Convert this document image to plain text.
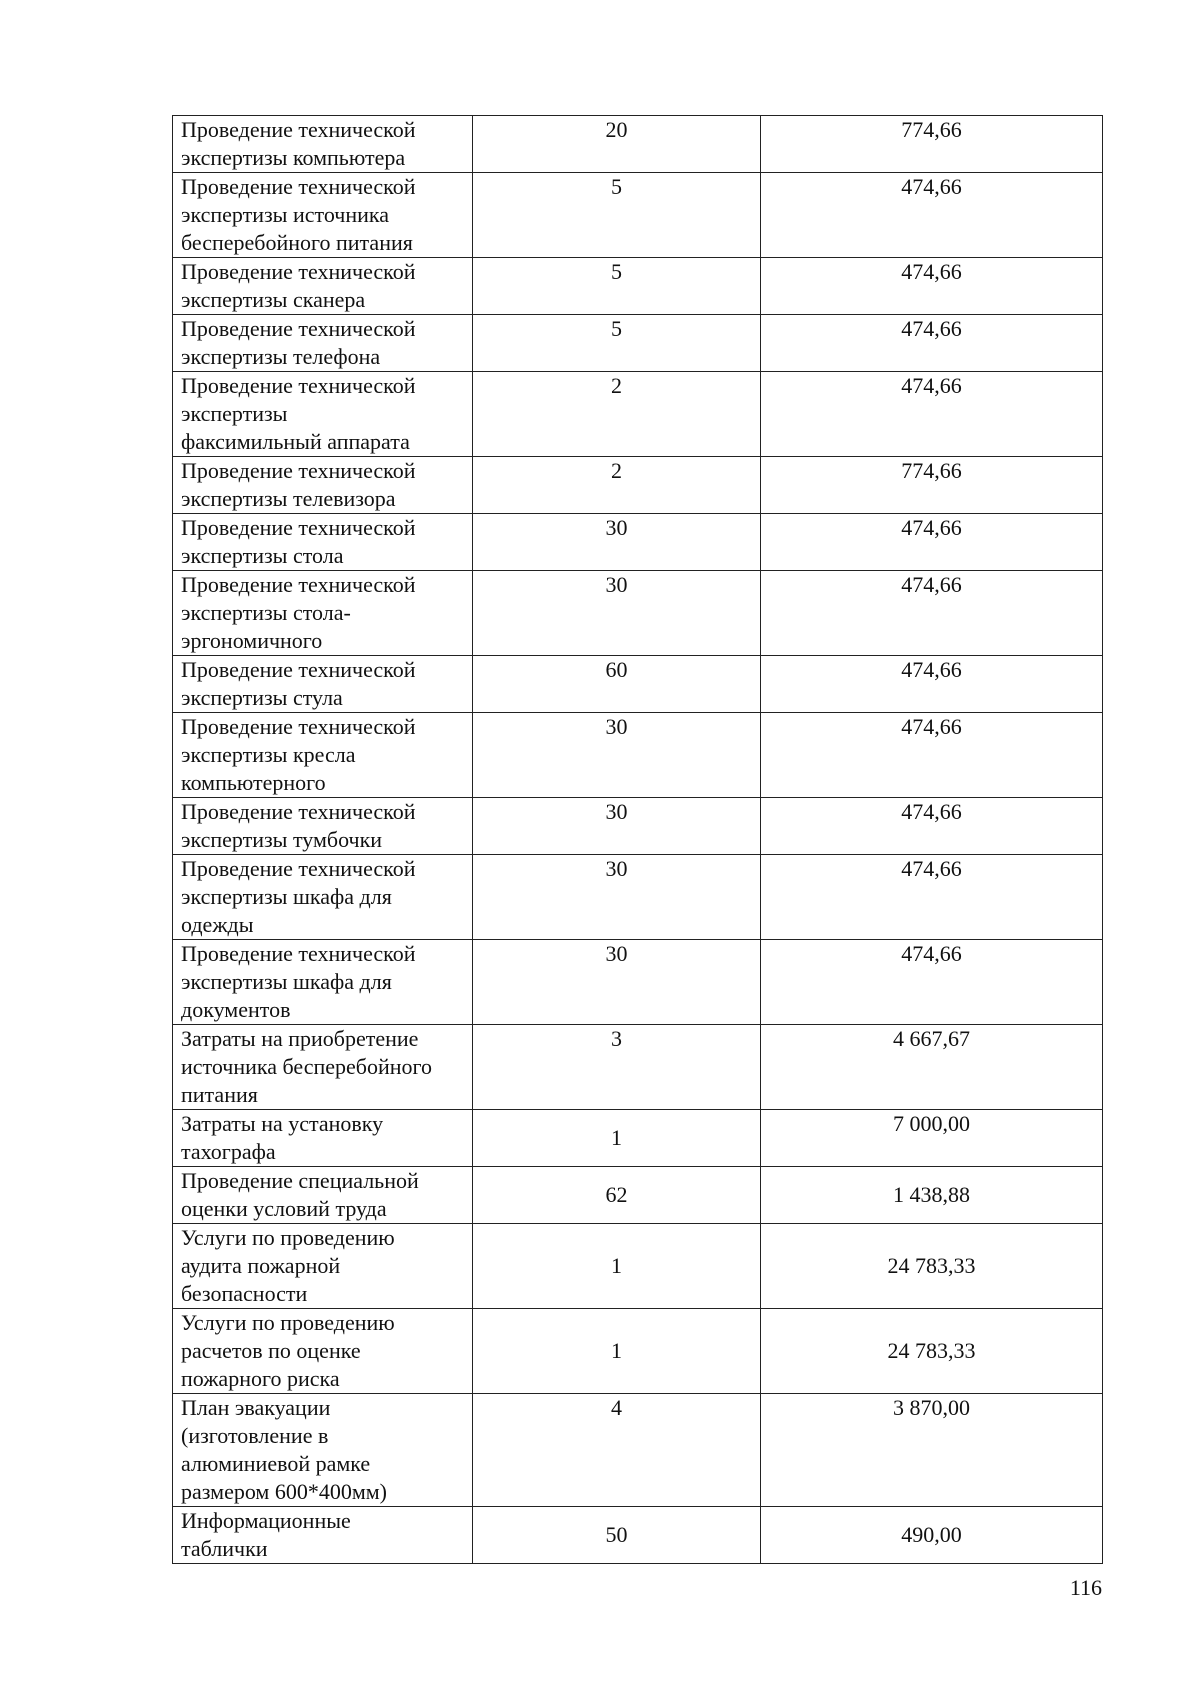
Проведение технической
экспертизы компьютера	20	774,66
Проведение технической
экспертизы источника
бесперебойного питания	5	474,66
Проведение технической
экспертизы сканера	5	474,66
Проведение технической
экспертизы телефона	5	474,66
Проведение технической
экспертизы
факсимильный аппарата	2	474,66
Проведение технической
экспертизы телевизора	2	774,66
Проведение технической
экспертизы стола	30	474,66
Проведение технической
экспертизы стола-
эргономичного	30	474,66
Проведение технической
экспертизы стула	60	474,66
Проведение технической
экспертизы кресла
компьютерного	30	474,66
Проведение технической
экспертизы тумбочки	30	474,66
Проведение технической
экспертизы шкафа для
одежды	30	474,66
Проведение технической
экспертизы шкафа для
документов	30	474,66
Затраты на приобретение
источника бесперебойного
питания	3	4 667,67
Затраты на установку
тахографа	1	7 000,00
Проведение специальной
оценки условий труда	62	1 438,88
Услуги по проведению
аудита пожарной
безопасности	1	24 783,33
Услуги по проведению
расчетов по оценке
пожарного риска	1	24 783,33
План эвакуации
(изготовление в
алюминиевой рамке
размером 600*400мм)	4	3 870,00
Информационные
таблички	50	490,00
116
